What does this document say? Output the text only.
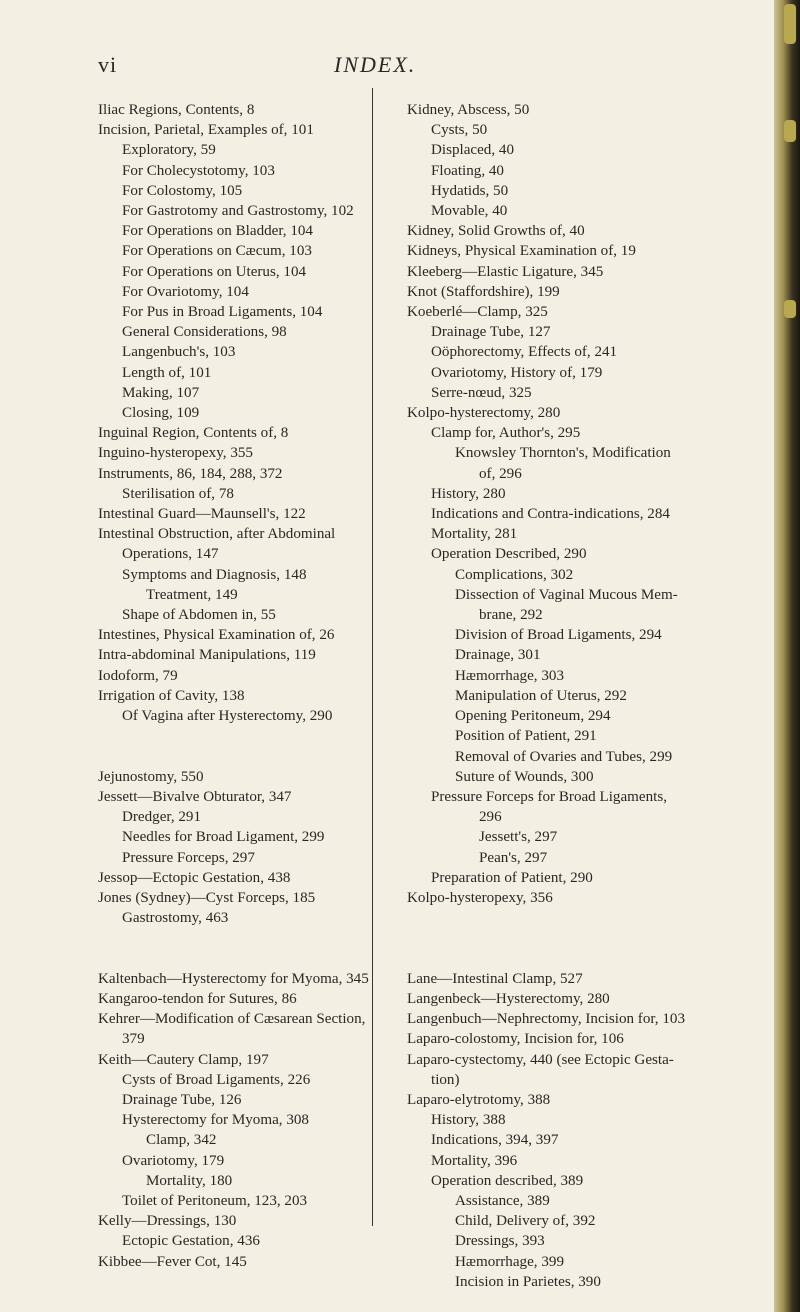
vi	INDEX.
Iliac Regions, Contents, 8
Incision, Parietal, Examples of, 101
Exploratory, 59
For Cholecystotomy, 103
For Colostomy, 105
For Gastrotomy and Gastrostomy, 102
For Operations on Bladder, 104
For Operations on Cæcum, 103
For Operations on Uterus, 104
For Ovariotomy, 104
For Pus in Broad Ligaments, 104
General Considerations, 98
Langenbuch's, 103
Length of, 101
Making, 107
Closing, 109
Inguinal Region, Contents of, 8
Inguino-hysteropexy, 355
Instruments, 86, 184, 288, 372
Sterilisation of, 78
Intestinal Guard—Maunsell's, 122
Intestinal Obstruction, after Abdominal
Operations, 147
Symptoms and Diagnosis, 148
Treatment, 149
Shape of Abdomen in, 55
Intestines, Physical Examination of, 26
Intra-abdominal Manipulations, 119
Iodoform, 79
Irrigation of Cavity, 138
Of Vagina after Hysterectomy, 290

Jejunostomy, 550
Jessett—Bivalve Obturator, 347
Dredger, 291
Needles for Broad Ligament, 299
Pressure Forceps, 297
Jessop—Ectopic Gestation, 438
Jones (Sydney)—Cyst Forceps, 185
Gastrostomy, 463

Kaltenbach—Hysterectomy for Myoma, 345
Kangaroo-tendon for Sutures, 86
Kehrer—Modification of Cæsarean Section,
379
Keith—Cautery Clamp, 197
Cysts of Broad Ligaments, 226
Drainage Tube, 126
Hysterectomy for Myoma, 308
Clamp, 342
Ovariotomy, 179
Mortality, 180
Toilet of Peritoneum, 123, 203
Kelly—Dressings, 130
Ectopic Gestation, 436
Kibbee—Fever Cot, 145
Kidney, Abscess, 50
Cysts, 50
Displaced, 40
Floating, 40
Hydatids, 50
Movable, 40
Kidney, Solid Growths of, 40
Kidneys, Physical Examination of, 19
Kleeberg—Elastic Ligature, 345
Knot (Staffordshire), 199
Koeberlé—Clamp, 325
Drainage Tube, 127
Oöphorectomy, Effects of, 241
Ovariotomy, History of, 179
Serre-nœud, 325
Kolpo-hysterectomy, 280
Clamp for, Author's, 295
Knowsley Thornton's, Modification
of, 296
History, 280
Indications and Contra-indications, 284
Mortality, 281
Operation Described, 290
Complications, 302
Dissection of Vaginal Mucous Mem-
brane, 292
Division of Broad Ligaments, 294
Drainage, 301
Hæmorrhage, 303
Manipulation of Uterus, 292
Opening Peritoneum, 294
Position of Patient, 291
Removal of Ovaries and Tubes, 299
Suture of Wounds, 300
Pressure Forceps for Broad Ligaments,
296
Jessett's, 297
Pean's, 297
Preparation of Patient, 290
Kolpo-hysteropexy, 356

Lane—Intestinal Clamp, 527
Langenbeck—Hysterectomy, 280
Langenbuch—Nephrectomy, Incision for, 103
Laparo-colostomy, Incision for, 106
Laparo-cystectomy, 440 (see Ectopic Gesta-
tion)
Laparo-elytrotomy, 388
History, 388
Indications, 394, 397
Mortality, 396
Operation described, 389
Assistance, 389
Child, Delivery of, 392
Dressings, 393
Hæmorrhage, 399
Incision in Parietes, 390
